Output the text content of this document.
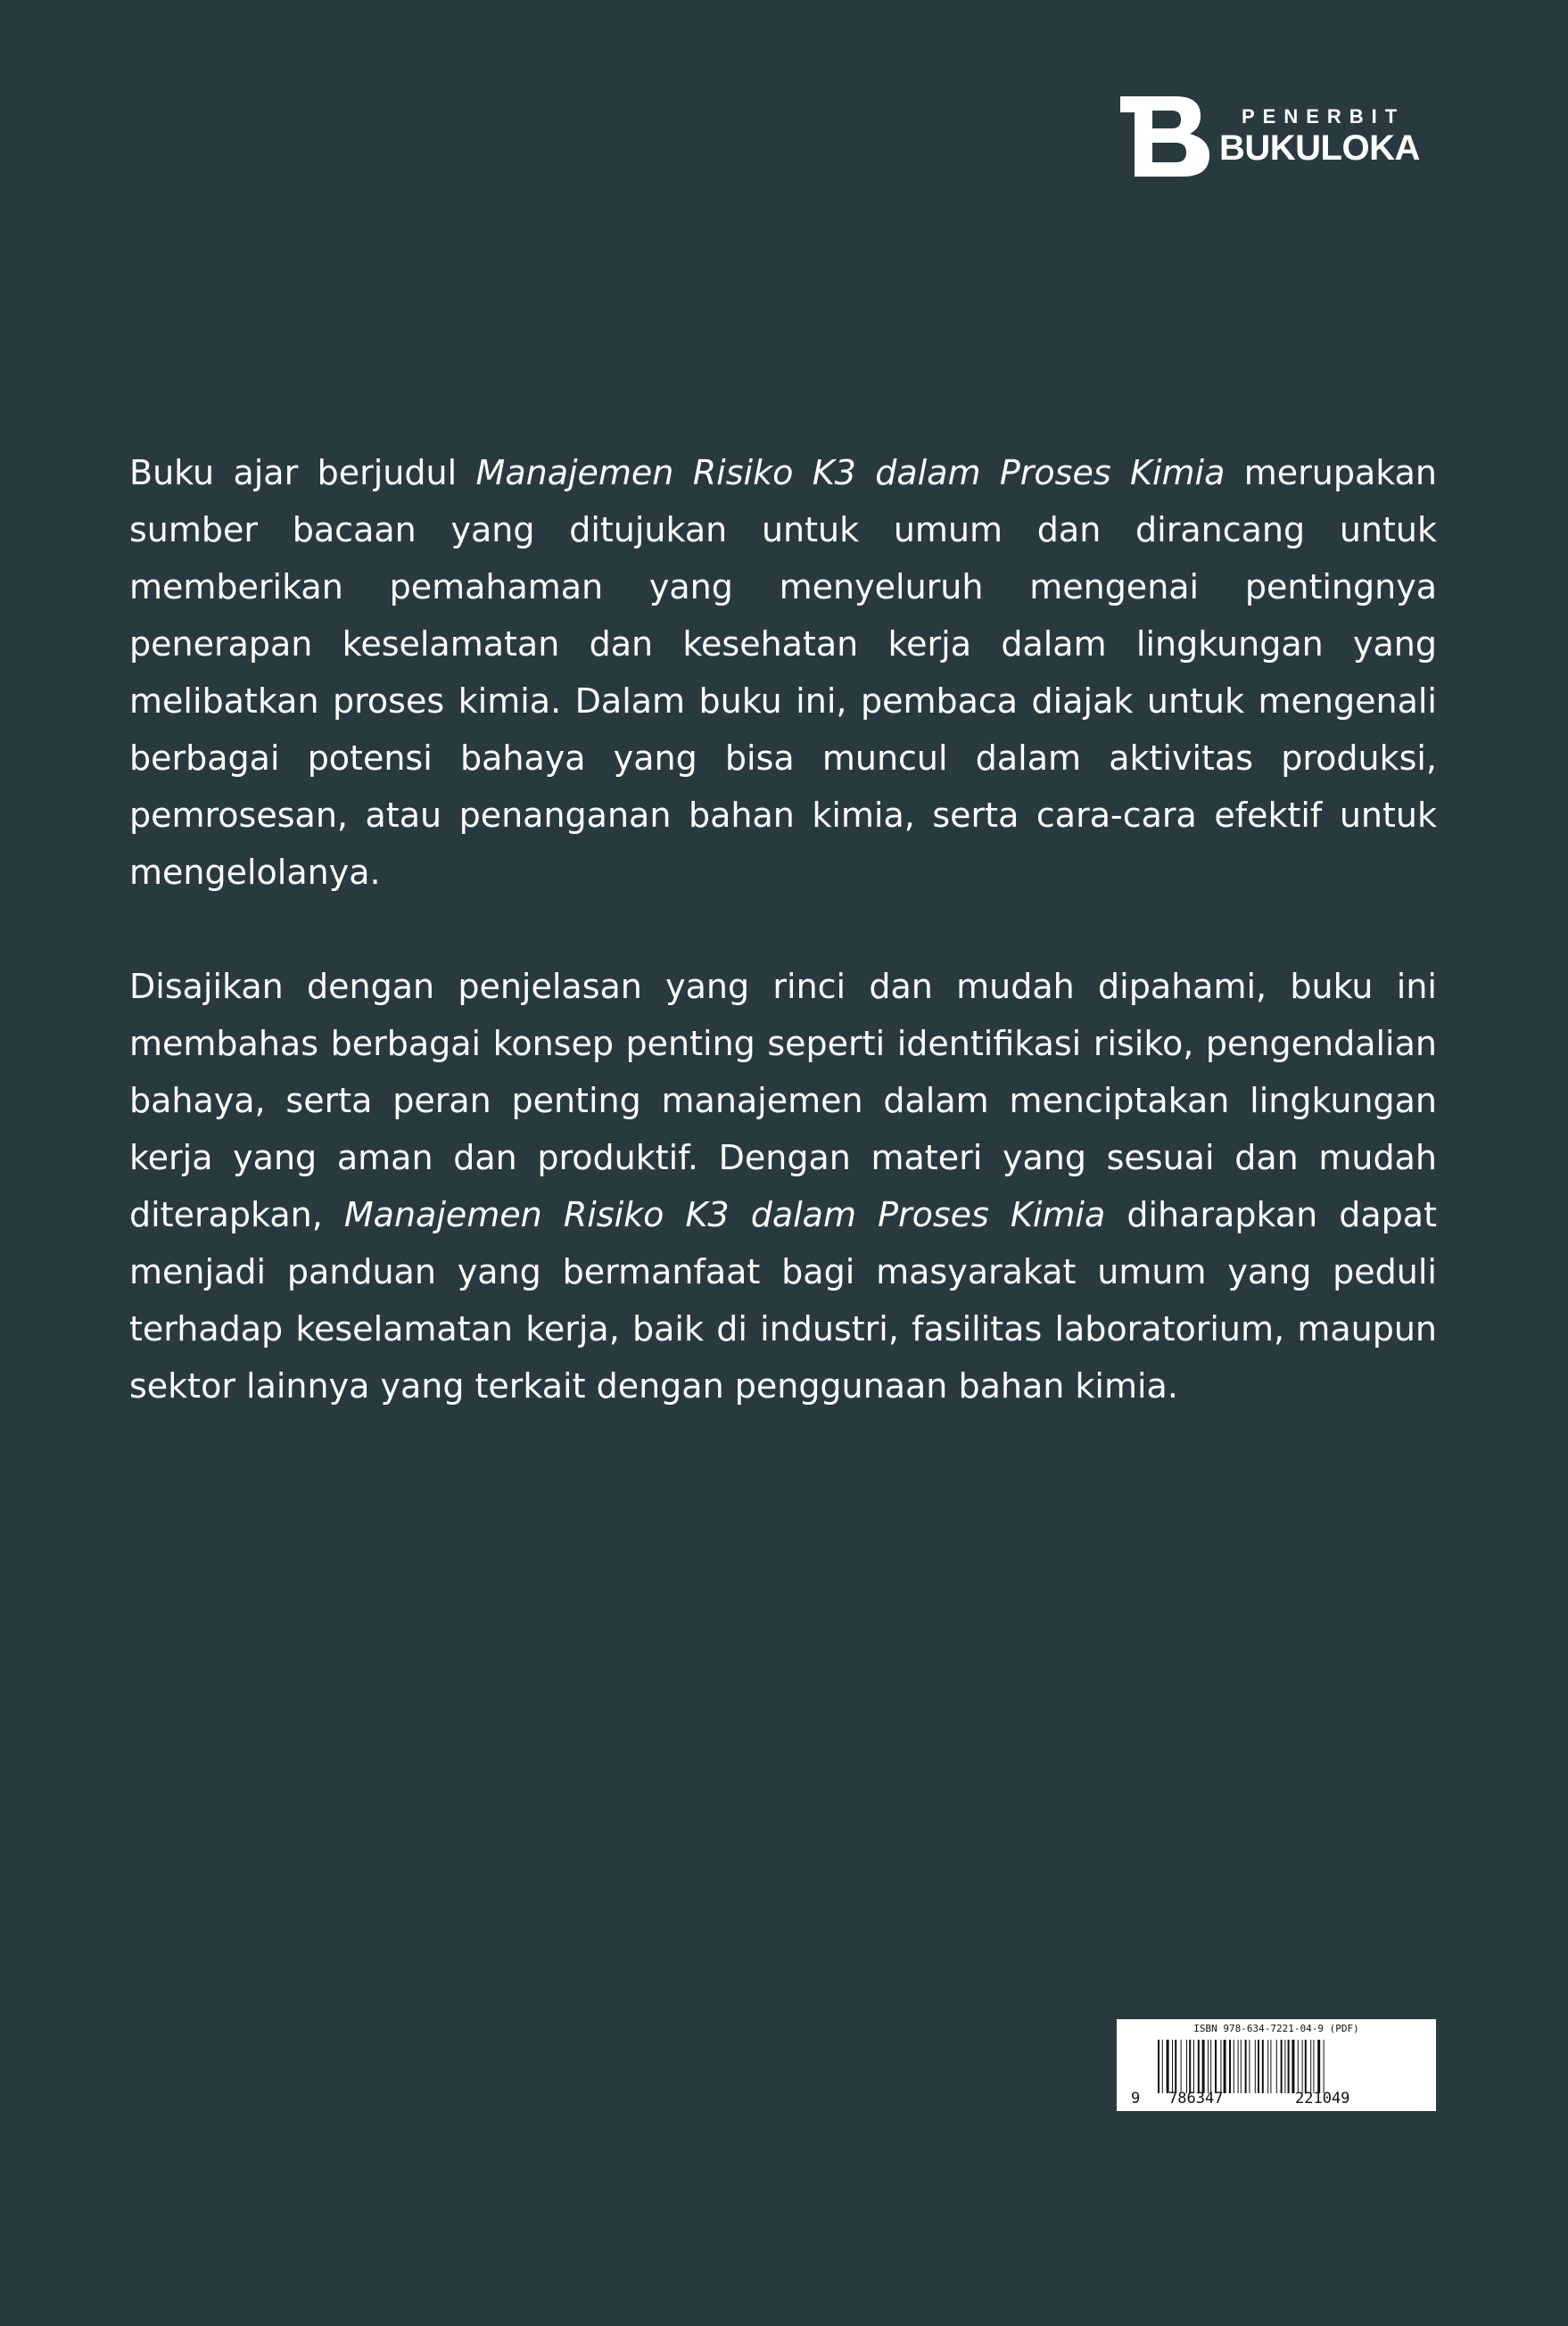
PENERBIT
BUKULOKA

Buku ajar berjudul Manajemen Risiko K3 dalam Proses Kimia merupakan sumber bacaan yang ditujukan untuk umum dan dirancang untuk memberikan pemahaman yang menyeluruh mengenai pentingnya penerapan keselamatan dan kesehatan kerja dalam lingkungan yang melibatkan proses kimia. Dalam buku ini, pembaca diajak untuk mengenali berbagai potensi bahaya yang bisa muncul dalam aktivitas produksi, pemrosesan, atau penanganan bahan kimia, serta cara-cara efektif untuk mengelolanya.

Disajikan dengan penjelasan yang rinci dan mudah dipahami, buku ini membahas berbagai konsep penting seperti identifikasi risiko, pengendalian bahaya, serta peran penting manajemen dalam menciptakan lingkungan kerja yang aman dan produktif. Dengan materi yang sesuai dan mudah diterapkan, Manajemen Risiko K3 dalam Proses Kimia diharapkan dapat menjadi panduan yang bermanfaat bagi masyarakat umum yang peduli terhadap keselamatan kerja, baik di industri, fasilitas laboratorium, maupun sektor lainnya yang terkait dengan penggunaan bahan kimia.

ISBN 978-634-7221-04-9 (PDF)
9 786347	221049
